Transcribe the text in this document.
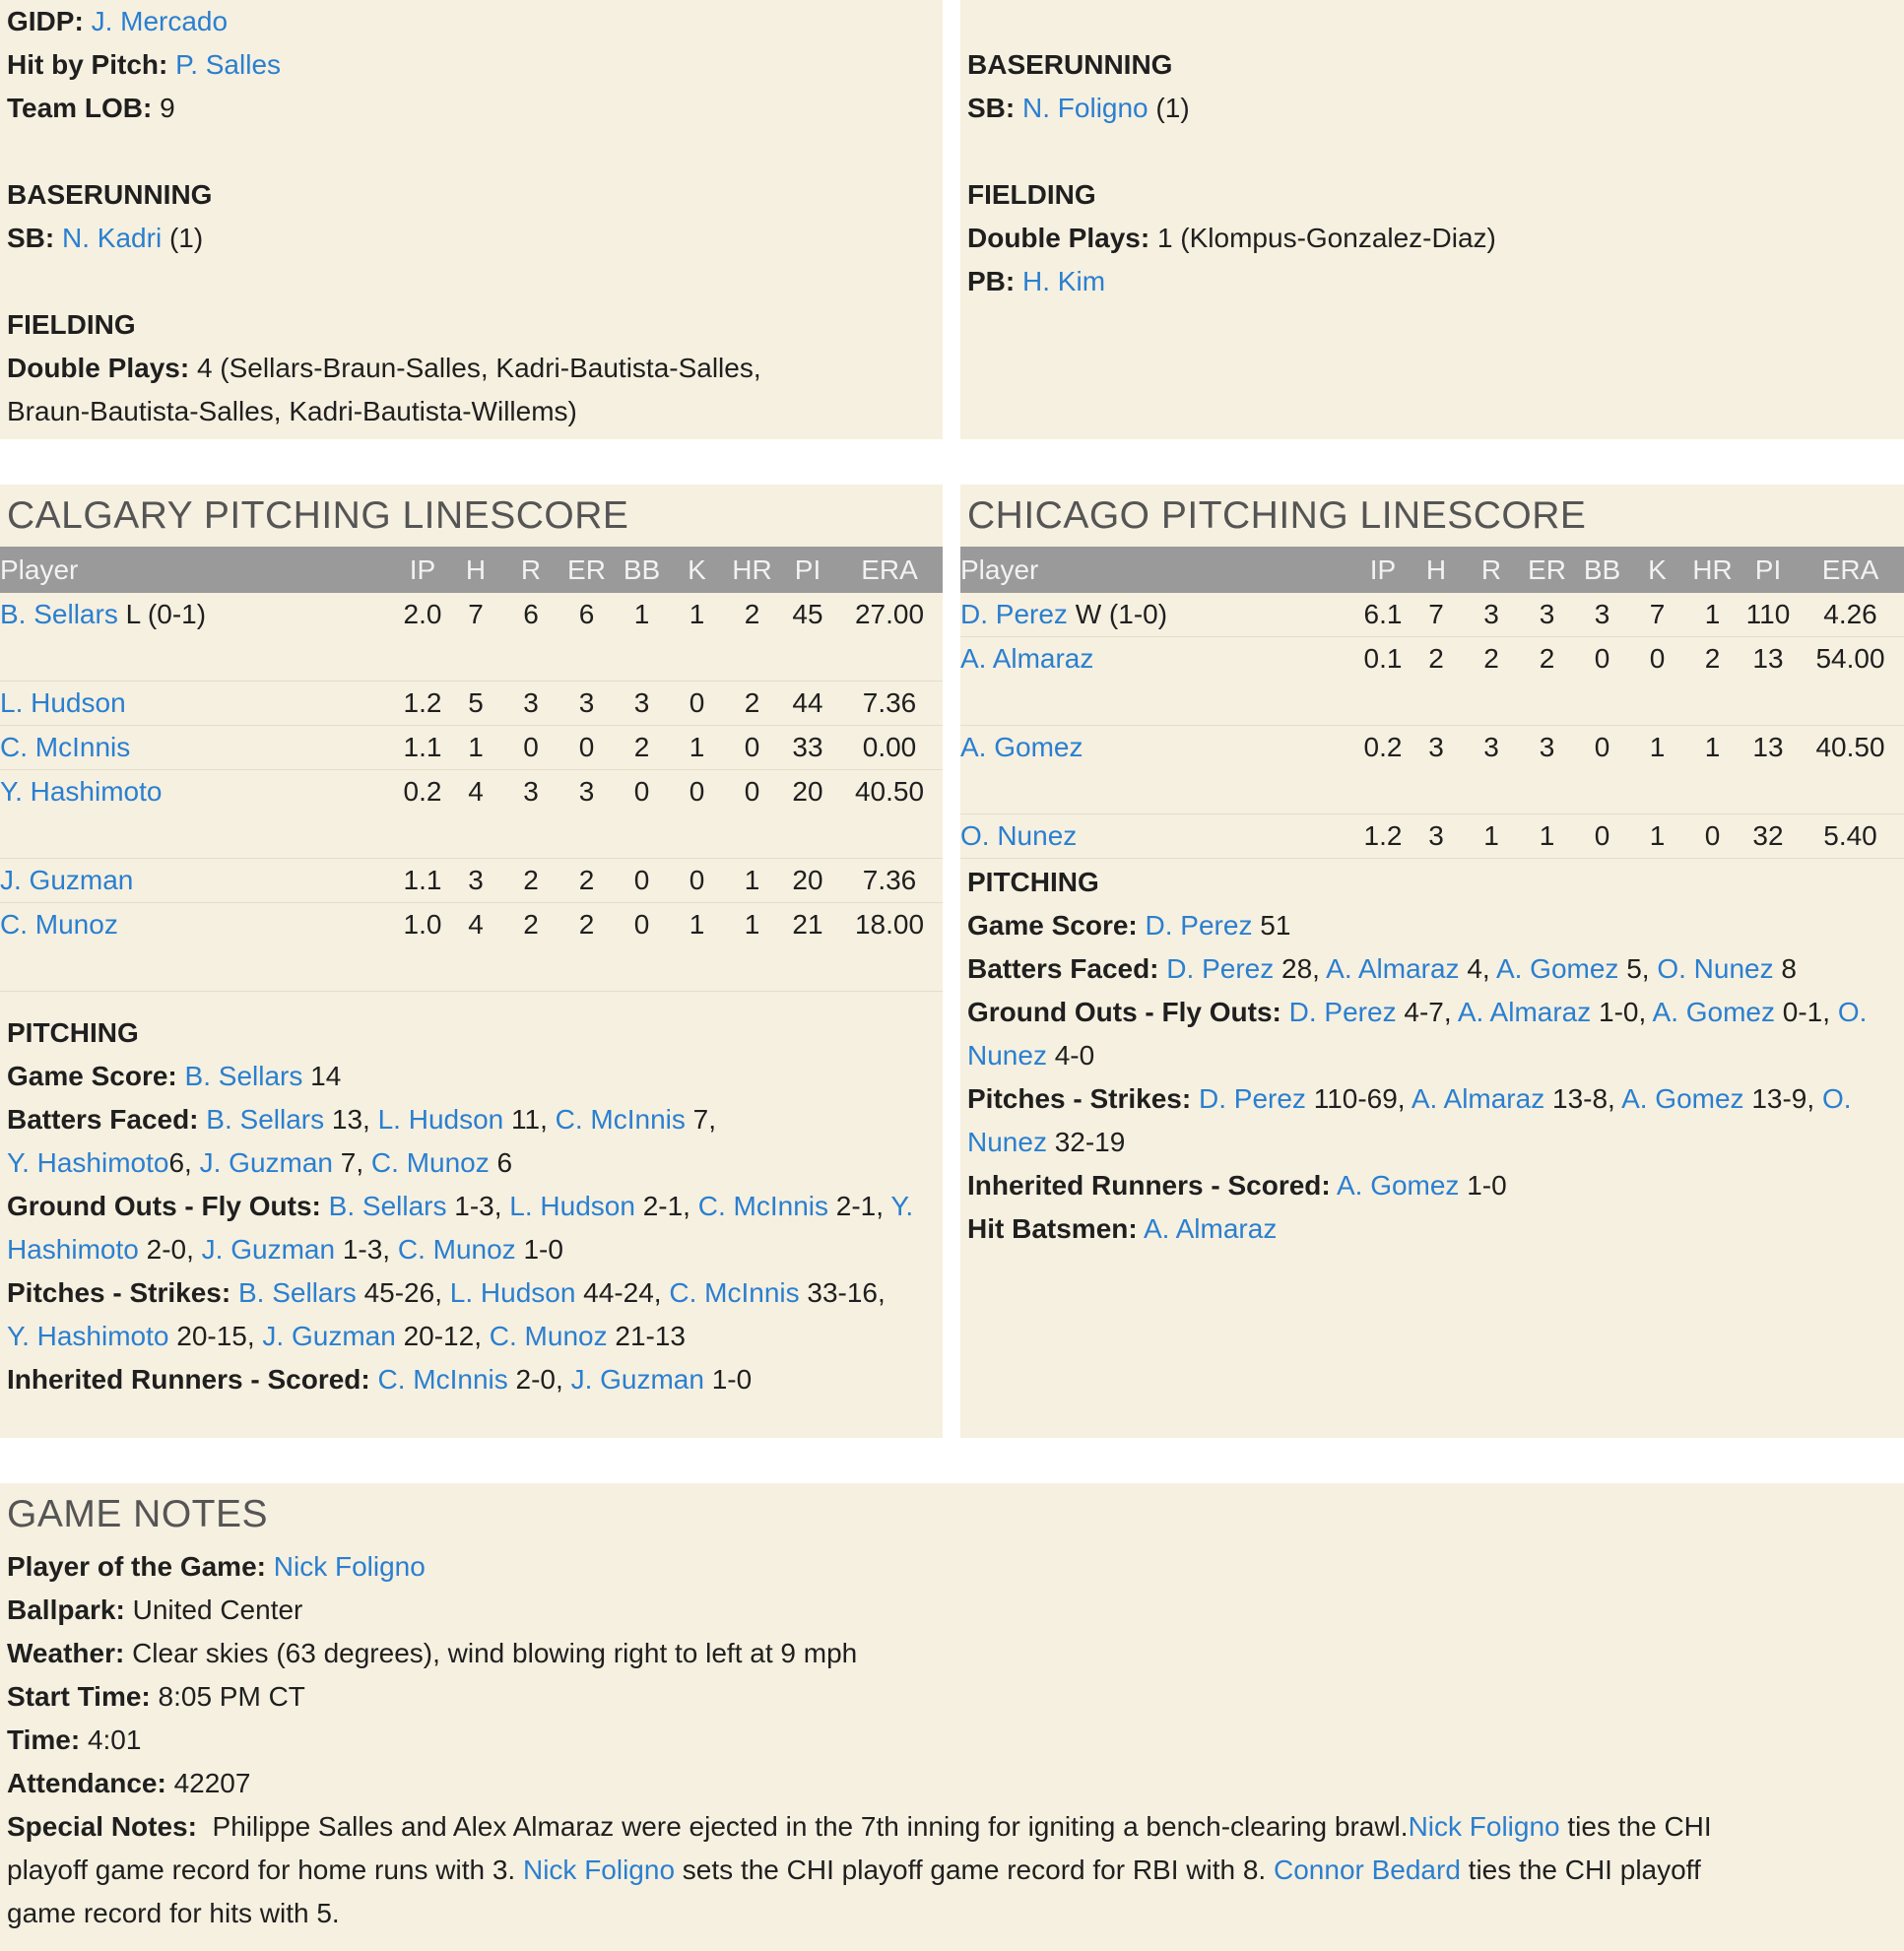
GIDP: J. Mercado
Hit by Pitch: P. Salles
Team LOB: 9
BASERUNNING
SB: N. Kadri (1)
FIELDING
Double Plays: 4 (Sellars-Braun-Salles, Kadri-Bautista-Salles,
Braun-Bautista-Salles, Kadri-Bautista-Willems)
BASERUNNING
SB: N. Foligno (1)
FIELDING
Double Plays: 1 (Klompus-Gonzalez-Diaz)
PB: H. Kim
CALGARY PITCHING LINESCORE
Player	IP	H	R	ER	BB	K	HR	PI	ERA
B. Sellars L (0-1)	2.0	7	6	6	1	1	2	45	27.00
L. Hudson	1.2	5	3	3	3	0	2	44	7.36
C. McInnis	1.1	1	0	0	2	1	0	33	0.00
Y. Hashimoto	0.2	4	3	3	0	0	0	20	40.50
J. Guzman	1.1	3	2	2	0	0	1	20	7.36
C. Munoz	1.0	4	2	2	0	1	1	21	18.00
PITCHING
Game Score: B. Sellars 14
Batters Faced: B. Sellars 13, L. Hudson 11, C. McInnis 7,
Y. Hashimoto6, J. Guzman 7, C. Munoz 6
Ground Outs - Fly Outs: B. Sellars 1-3, L. Hudson 2-1, C. McInnis 2-1, Y.
Hashimoto 2-0, J. Guzman 1-3, C. Munoz 1-0
Pitches - Strikes: B. Sellars 45-26, L. Hudson 44-24, C. McInnis 33-16,
Y. Hashimoto 20-15, J. Guzman 20-12, C. Munoz 21-13
Inherited Runners - Scored: C. McInnis 2-0, J. Guzman 1-0
CHICAGO PITCHING LINESCORE
Player	IP	H	R	ER	BB	K	HR	PI	ERA
D. Perez W (1-0)	6.1	7	3	3	3	7	1	110	4.26
A. Almaraz	0.1	2	2	2	0	0	2	13	54.00
A. Gomez	0.2	3	3	3	0	1	1	13	40.50
O. Nunez	1.2	3	1	1	0	1	0	32	5.40
PITCHING
Game Score: D. Perez 51
Batters Faced: D. Perez 28, A. Almaraz 4, A. Gomez 5, O. Nunez 8
Ground Outs - Fly Outs: D. Perez 4-7, A. Almaraz 1-0, A. Gomez 0-1, O.
Nunez 4-0
Pitches - Strikes: D. Perez 110-69, A. Almaraz 13-8, A. Gomez 13-9, O.
Nunez 32-19
Inherited Runners - Scored: A. Gomez 1-0
Hit Batsmen: A. Almaraz
GAME NOTES
Player of the Game: Nick Foligno
Ballpark: United Center
Weather: Clear skies (63 degrees), wind blowing right to left at 9 mph
Start Time: 8:05 PM CT
Time: 4:01
Attendance: 42207
Special Notes:  Philippe Salles and Alex Almaraz were ejected in the 7th inning for igniting a bench-clearing brawl.Nick Foligno ties the CHI
playoff game record for home runs with 3. Nick Foligno sets the CHI playoff game record for RBI with 8. Connor Bedard ties the CHI playoff
game record for hits with 5.
